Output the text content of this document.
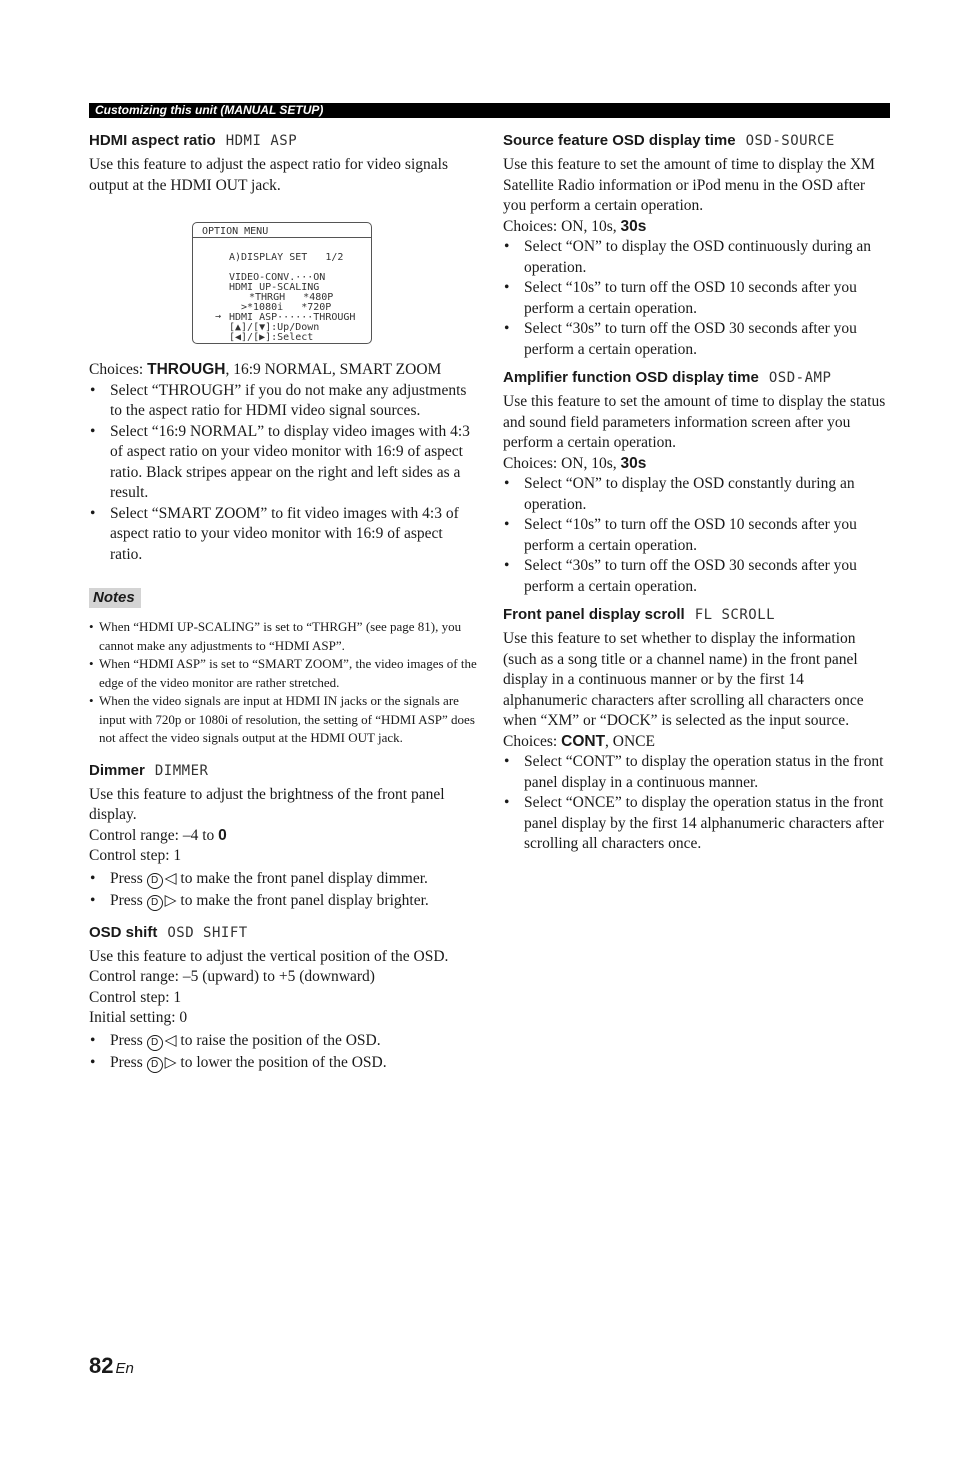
Customizing this unit (MANUAL SETUP)
HDMI aspect ratio HDMI ASP

Use this feature to adjust the aspect ratio for video signals output at the HDMI OUT jack.

OPTION MENU
A)DISPLAY SET   1/2
VIDEO-CONV.···ON
HDMI UP-SCALING
*THRGH   *480P
>*1080i   *720P
→ HDMI ASP······THROUGH
[▲]/[▼]:Up/Down
[◀]/[▶]:Select

Choices: THROUGH, 16:9 NORMAL, SMART ZOOM

• Select “THROUGH” if you do not make any adjustments to the aspect ratio for HDMI video signal sources.
• Select “16:9 NORMAL” to display video images with 4:3 of aspect ratio on your video monitor with 16:9 of aspect ratio. Black stripes appear on the right and left sides as a result.
• Select “SMART ZOOM” to fit video images with 4:3 of aspect ratio to your video monitor with 16:9 of aspect ratio.
Notes
• When “HDMI UP-SCALING” is set to “THRGH” (see page 81), you cannot make any adjustments to “HDMI ASP”.
• When “HDMI ASP” is set to “SMART ZOOM”, the video images of the edge of the video monitor are rather stretched.
• When the video signals are input at HDMI IN jacks or the signals are input with 720p or 1080i of resolution, the setting of “HDMI ASP” does not affect the video signals output at the HDMI OUT jack.
Dimmer DIMMER

Use this feature to adjust the brightness of the front panel display.

Control range: –4 to 0

Control step: 1

• Press D ◁ to make the front panel display dimmer.
• Press D ▷ to make the front panel display brighter.
OSD shift OSD SHIFT

Use this feature to adjust the vertical position of the OSD.

Control range: –5 (upward) to +5 (downward)

Control step: 1

Initial setting: 0

• Press D ◁ to raise the position of the OSD.
• Press D ▷ to lower the position of the OSD.
Source feature OSD display time OSD-SOURCE

Use this feature to set the amount of time to display the XM Satellite Radio information or iPod menu in the OSD after you perform a certain operation.

Choices: ON, 10s, 30s

• Select “ON” to display the OSD continuously during an operation.
• Select “10s” to turn off the OSD 10 seconds after you perform a certain operation.
• Select “30s” to turn off the OSD 30 seconds after you perform a certain operation.
Amplifier function OSD display time OSD-AMP

Use this feature to set the amount of time to display the status and sound field parameters information screen after you perform a certain operation.

Choices: ON, 10s, 30s

• Select “ON” to display the OSD constantly during an operation.
• Select “10s” to turn off the OSD 10 seconds after you perform a certain operation.
• Select “30s” to turn off the OSD 30 seconds after you perform a certain operation.
Front panel display scroll FL SCROLL

Use this feature to set whether to display the information (such as a song title or a channel name) in the front panel display in a continuous manner or by the first 14 alphanumeric characters after scrolling all characters once when “XM” or “DOCK” is selected as the input source.

Choices: CONT, ONCE

• Select “CONT” to display the operation status in the front panel display in a continuous manner.
• Select “ONCE” to display the operation status in the front panel display by the first 14 alphanumeric characters after scrolling all characters once.
82 En
